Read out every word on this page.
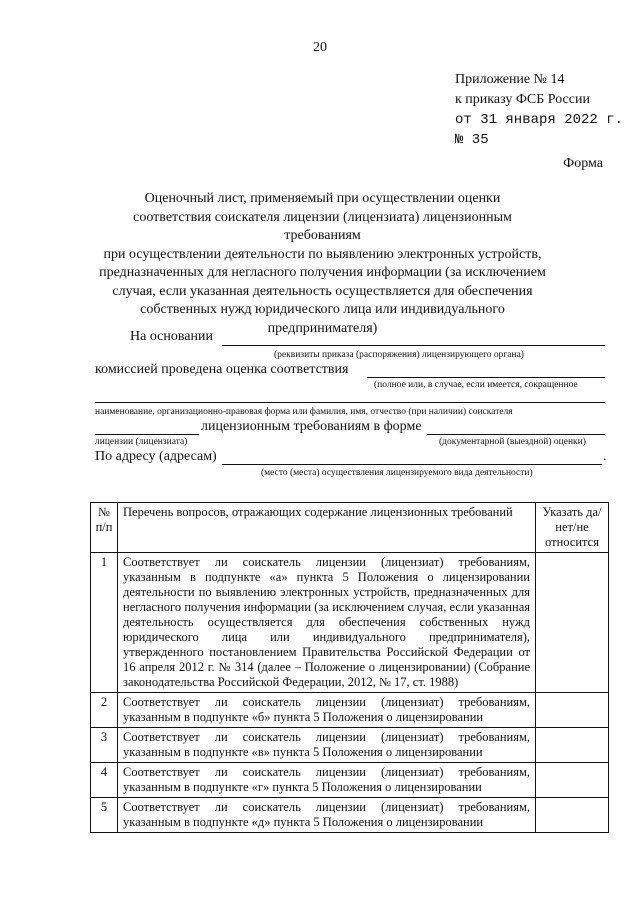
20
Приложение № 14
к приказу ФСБ России
от 31 января 2022 г.
№ 35
Форма
Оценочный лист, применяемый при осуществлении оценки
соответствия соискателя лицензии (лицензиата) лицензионным требованиям
при осуществлении деятельности по выявлению электронных устройств,
предназначенных для негласного получения информации (за исключением
случая, если указанная деятельность осуществляется для обеспечения
собственных нужд юридического лица или индивидуального
предпринимателя)
На основании
(реквизиты приказа (распоряжения) лицензирующего органа)
комиссией проведена оценка соответствия
(полное или, в случае, если имеется, сокращенное
наименование, организационно-правовая форма или фамилия, имя, отчество (при наличии) соискателя
лицензионным требованиям в форме
лицензии (лицензиата)	(документарной (выездной) оценки)
По адресу (адресам)	.
(место (места) осуществления лицензируемого вида деятельности)
№ п/п	Перечень вопросов, отражающих содержание лицензионных требований	Указать да/нет/не относится
1	Соответствует ли соискатель лицензии (лицензиат) требованиям, указанным в подпункте «а» пункта 5 Положения о лицензировании деятельности по выявлению электронных устройств, предназначенных для негласного получения информации (за исключением случая, если указанная деятельность осуществляется для обеспечения собственных нужд юридического лица или индивидуального предпринимателя), утвержденного постановлением Правительства Российской Федерации от 16 апреля 2012 г. № 314 (далее – Положение о лицензировании) (Собрание законодательства Российской Федерации, 2012, № 17, ст. 1988)	
2	Соответствует ли соискатель лицензии (лицензиат) требованиям, указанным в подпункте «б» пункта 5 Положения о лицензировании	
3	Соответствует ли соискатель лицензии (лицензиат) требованиям, указанным в подпункте «в» пункта 5 Положения о лицензировании	
4	Соответствует ли соискатель лицензии (лицензиат) требованиям, указанным в подпункте «г» пункта 5 Положения о лицензировании	
5	Соответствует ли соискатель лицензии (лицензиат) требованиям, указанным в подпункте «д» пункта 5 Положения о лицензировании	
